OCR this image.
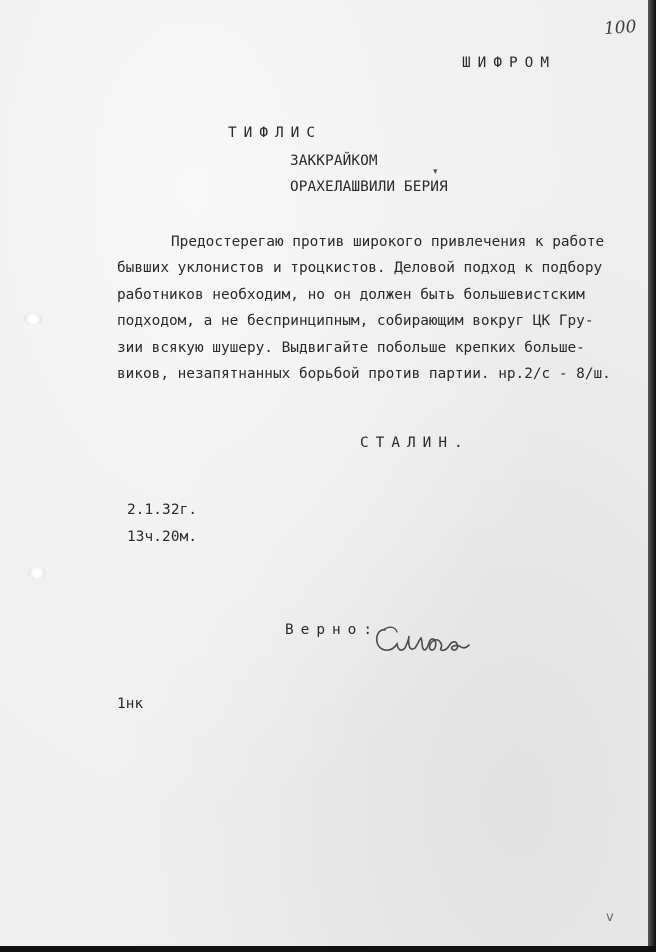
100
ШИФРОМ
ТИФЛИС
ЗАККРАЙКОМ
▾
ОРАХЕЛАШВИЛИ БЕРИЯ
Предостерегаю против широкого привлечения к работе
бывших уклонистов и троцкистов. Деловой подход к подбору
работников необходим, но он должен быть большевистским
подходом, а не беспринципным, собирающим вокруг ЦК Гру-
зии всякую шушеру. Выдвигайте побольше крепких больше-
виков, незапятнанных борьбой против партии. нр.2/с - 8/ш.
СТАЛИН.
2.1.32г.
13ч.20м.
Верно:
1нк
v
